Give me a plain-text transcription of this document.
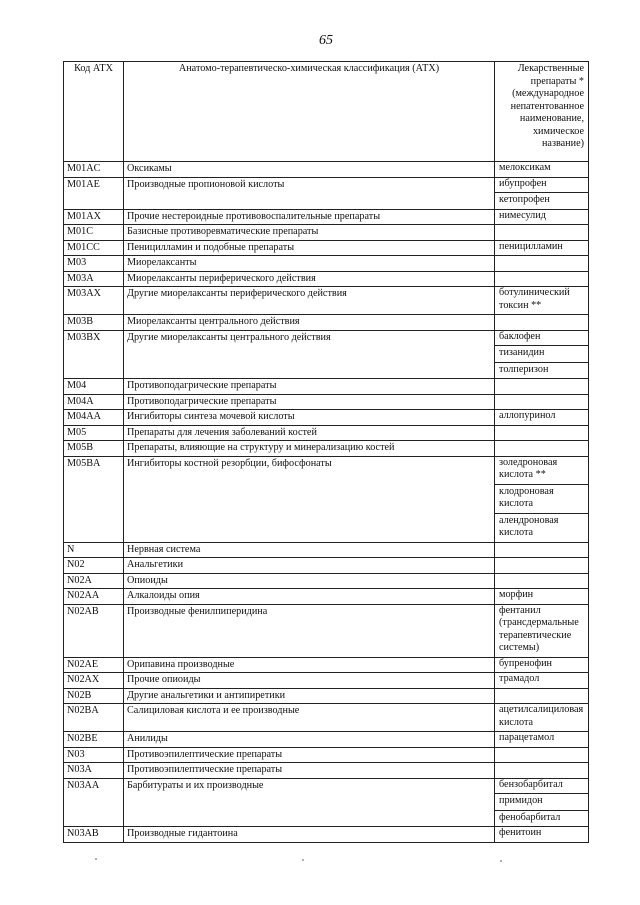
65
Код АТХ	Анатомо-терапевтическо-химическая классификация (АТХ)	Лекарственные препараты * (международное непатентованное наименование, химическое название)
M01AC	Оксикамы	мелоксикам

M01AE	Производные пропионовой кислоты	ибупрофен
кетопрофен

M01AX	Прочие нестероидные противовоспалительные препараты	нимесулид

M01C	Базисные противоревматические препараты	
M01CC	Пеницилламин и подобные препараты	пеницилламин

M03	Миорелаксанты	
M03A	Миорелаксанты периферического действия	
M03AX	Другие миорелаксанты периферического действия	ботулинический токсин **

M03B	Миорелаксанты центрального действия	
M03BX	Другие миорелаксанты центрального действия	баклофен
тизанидин
толперизон

M04	Противоподагрические препараты	
M04A	Противоподагрические препараты	
M04AA	Ингибиторы синтеза мочевой кислоты	аллопуринол

M05	Препараты для лечения заболеваний костей	
M05B	Препараты, влияющие на структуру и минерализацию костей	
M05BA	Ингибиторы костной резорбции, бифосфонаты	золедроновая кислота **
клодроновая кислота
алендроновая кислота

N	Нервная система	
N02	Анальгетики	
N02A	Опиоиды	
N02AA	Алкалоиды опия	морфин

N02AB	Производные фенилпиперидина	фентанил (трансдермальные терапевтические системы)

N02AE	Орипавина производные	бупренофин

N02AX	Прочие опиоиды	трамадол

N02B	Другие анальгетики и антипиретики	
N02BA	Салициловая кислота и ее производные	ацетилсалициловая кислота

N02BE	Анилиды	парацетамол

N03	Противоэпилептические препараты	
N03A	Противоэпилептические препараты	
N03AA	Барбитураты и их производные	бензобарбитал
примидон
фенобарбитал

N03AB	Производные гидантоина	фенитоин
